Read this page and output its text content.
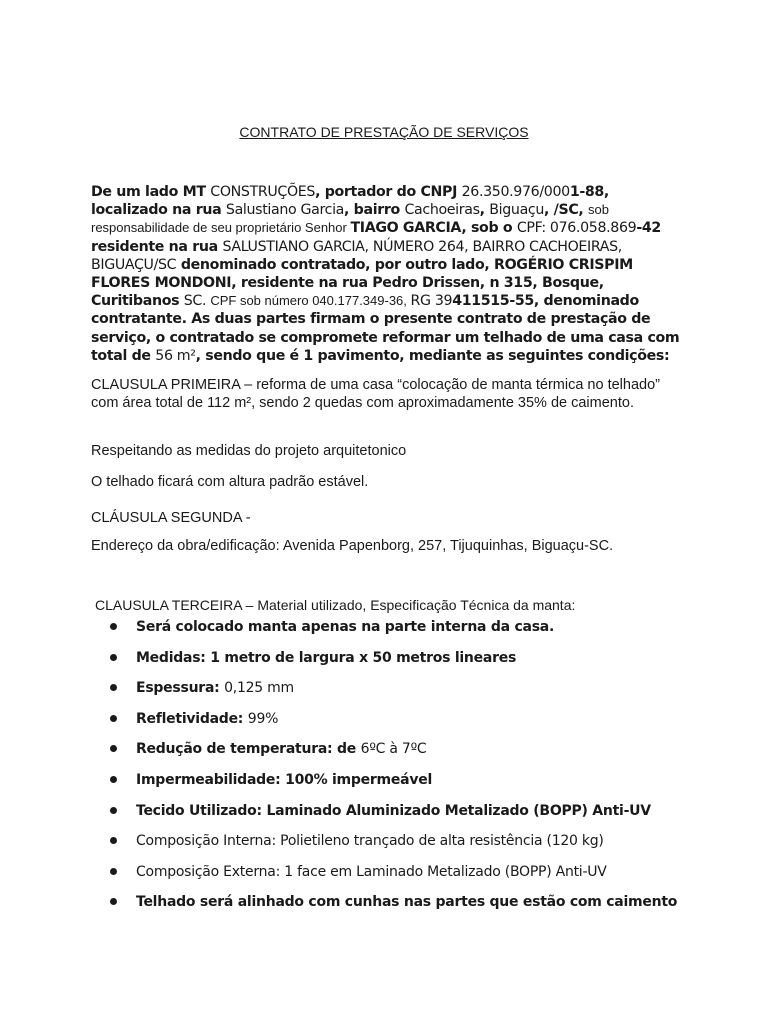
CONTRATO DE PRESTAÇÃO DE SERVIÇOS
De um lado MT CONSTRUÇÕES, portador do CNPJ 26.350.976/0001-88, localizado na rua Salustiano Garcia, bairro Cachoeiras, Biguaçu, /SC, sob responsabilidade de seu proprietário Senhor TIAGO GARCIA, sob o CPF: 076.058.869-42 residente na rua SALUSTIANO GARCIA, NÚMERO 264, BAIRRO CACHOEIRAS, BIGUAÇU/SC denominado contratado, por outro lado, ROGÉRIO CRISPIM FLORES MONDONI, residente na rua Pedro Drissen, n 315, Bosque, Curitibanos SC. CPF sob número 040.177.349-36, RG 39411515-55, denominado contratante. As duas partes firmam o presente contrato de prestação de serviço, o contratado se compromete reformar um telhado de uma casa com total de 56 m², sendo que é 1 pavimento, mediante as seguintes condições:
CLAUSULA PRIMEIRA – reforma de uma casa “colocação de manta térmica no telhado” com área total de 112 m², sendo 2 quedas com aproximadamente 35% de caimento.
Respeitando as medidas do projeto arquitetonico
O telhado ficará com altura padrão estável.
CLÁUSULA SEGUNDA -
Endereço da obra/edificação: Avenida Papenborg, 257, Tijuquinhas, Biguaçu-SC.
CLAUSULA TERCEIRA – Material utilizado, Especificação Técnica da manta:
Será colocado manta apenas na parte interna da casa.
Medidas: 1 metro de largura x 50 metros lineares
Espessura: 0,125 mm
Refletividade: 99%
Redução de temperatura: de 6ºC à 7ºC
Impermeabilidade: 100% impermeável
Tecido Utilizado: Laminado Aluminizado Metalizado (BOPP) Anti-UV
Composição Interna: Polietileno trançado de alta resistência (120 kg)
Composição Externa: 1 face em Laminado Metalizado (BOPP) Anti-UV
Telhado será alinhado com cunhas nas partes que estão com caimento
